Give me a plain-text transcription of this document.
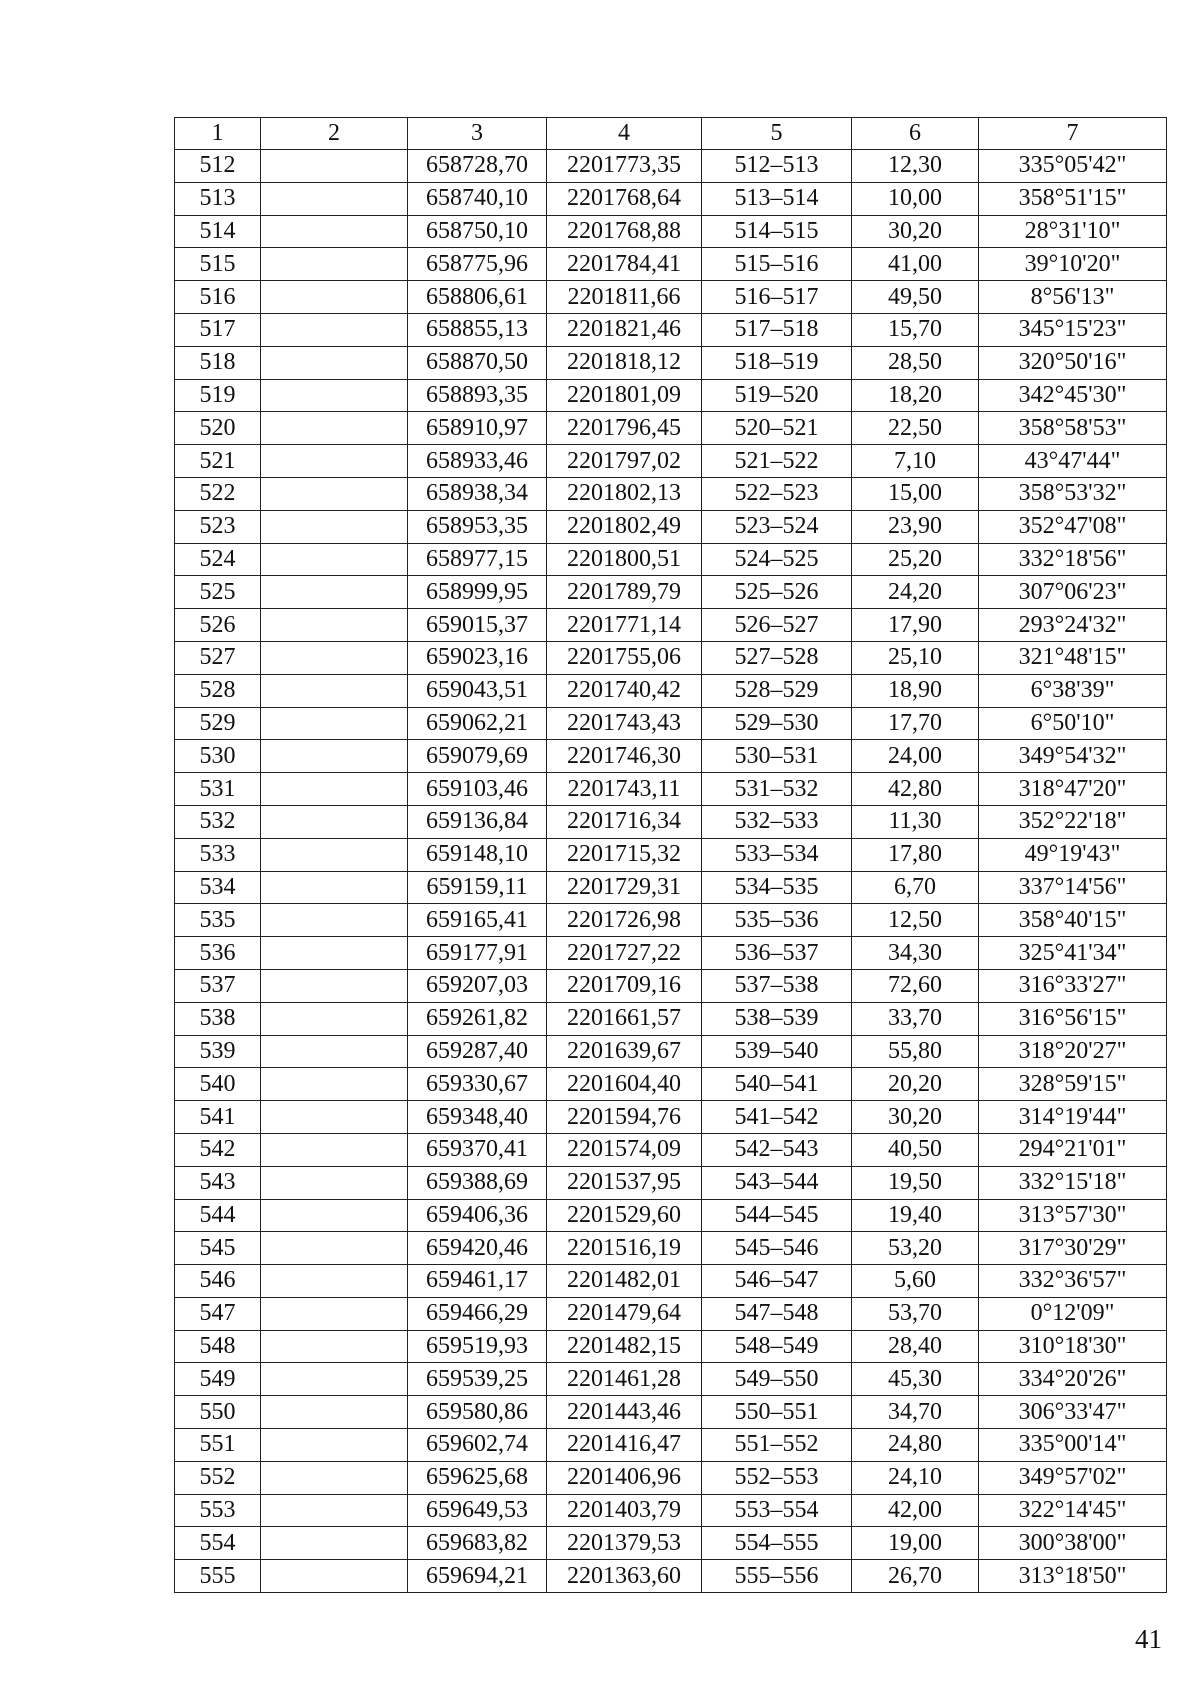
1	2	3	4	5	6	7
512		658728,70	2201773,35	512–513	12,30	335°05'42"
513		658740,10	2201768,64	513–514	10,00	358°51'15"
514		658750,10	2201768,88	514–515	30,20	28°31'10"
515		658775,96	2201784,41	515–516	41,00	39°10'20"
516		658806,61	2201811,66	516–517	49,50	8°56'13"
517		658855,13	2201821,46	517–518	15,70	345°15'23"
518		658870,50	2201818,12	518–519	28,50	320°50'16"
519		658893,35	2201801,09	519–520	18,20	342°45'30"
520		658910,97	2201796,45	520–521	22,50	358°58'53"
521		658933,46	2201797,02	521–522	7,10	43°47'44"
522		658938,34	2201802,13	522–523	15,00	358°53'32"
523		658953,35	2201802,49	523–524	23,90	352°47'08"
524		658977,15	2201800,51	524–525	25,20	332°18'56"
525		658999,95	2201789,79	525–526	24,20	307°06'23"
526		659015,37	2201771,14	526–527	17,90	293°24'32"
527		659023,16	2201755,06	527–528	25,10	321°48'15"
528		659043,51	2201740,42	528–529	18,90	6°38'39"
529		659062,21	2201743,43	529–530	17,70	6°50'10"
530		659079,69	2201746,30	530–531	24,00	349°54'32"
531		659103,46	2201743,11	531–532	42,80	318°47'20"
532		659136,84	2201716,34	532–533	11,30	352°22'18"
533		659148,10	2201715,32	533–534	17,80	49°19'43"
534		659159,11	2201729,31	534–535	6,70	337°14'56"
535		659165,41	2201726,98	535–536	12,50	358°40'15"
536		659177,91	2201727,22	536–537	34,30	325°41'34"
537		659207,03	2201709,16	537–538	72,60	316°33'27"
538		659261,82	2201661,57	538–539	33,70	316°56'15"
539		659287,40	2201639,67	539–540	55,80	318°20'27"
540		659330,67	2201604,40	540–541	20,20	328°59'15"
541		659348,40	2201594,76	541–542	30,20	314°19'44"
542		659370,41	2201574,09	542–543	40,50	294°21'01"
543		659388,69	2201537,95	543–544	19,50	332°15'18"
544		659406,36	2201529,60	544–545	19,40	313°57'30"
545		659420,46	2201516,19	545–546	53,20	317°30'29"
546		659461,17	2201482,01	546–547	5,60	332°36'57"
547		659466,29	2201479,64	547–548	53,70	0°12'09"
548		659519,93	2201482,15	548–549	28,40	310°18'30"
549		659539,25	2201461,28	549–550	45,30	334°20'26"
550		659580,86	2201443,46	550–551	34,70	306°33'47"
551		659602,74	2201416,47	551–552	24,80	335°00'14"
552		659625,68	2201406,96	552–553	24,10	349°57'02"
553		659649,53	2201403,79	553–554	42,00	322°14'45"
554		659683,82	2201379,53	554–555	19,00	300°38'00"
555		659694,21	2201363,60	555–556	26,70	313°18'50"
41
